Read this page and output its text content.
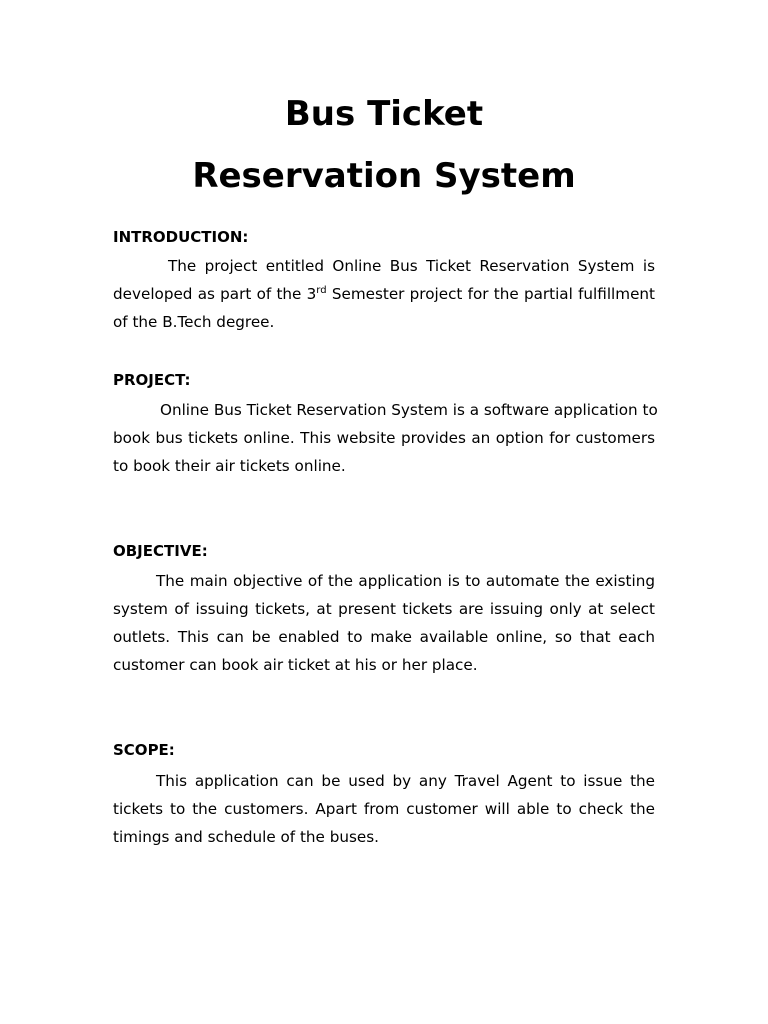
Bus Ticket
Reservation System
INTRODUCTION:
The project entitled Online Bus Ticket Reservation System is
developed as part of the 3rd Semester project for the partial fulfillment
of the B.Tech degree.
PROJECT:
Online Bus Ticket Reservation System is a software application to
book bus tickets online. This website provides an option for customers
to book their air tickets online.
OBJECTIVE:
The main objective of the application is to automate the existing
system of issuing tickets, at present tickets are issuing only at select
outlets. This can be enabled to make available online, so that each
customer can book air ticket at his or her place.
SCOPE:
This application can be used by any Travel Agent to issue the
tickets to the customers. Apart from customer will able to check the
timings and schedule of the buses.
